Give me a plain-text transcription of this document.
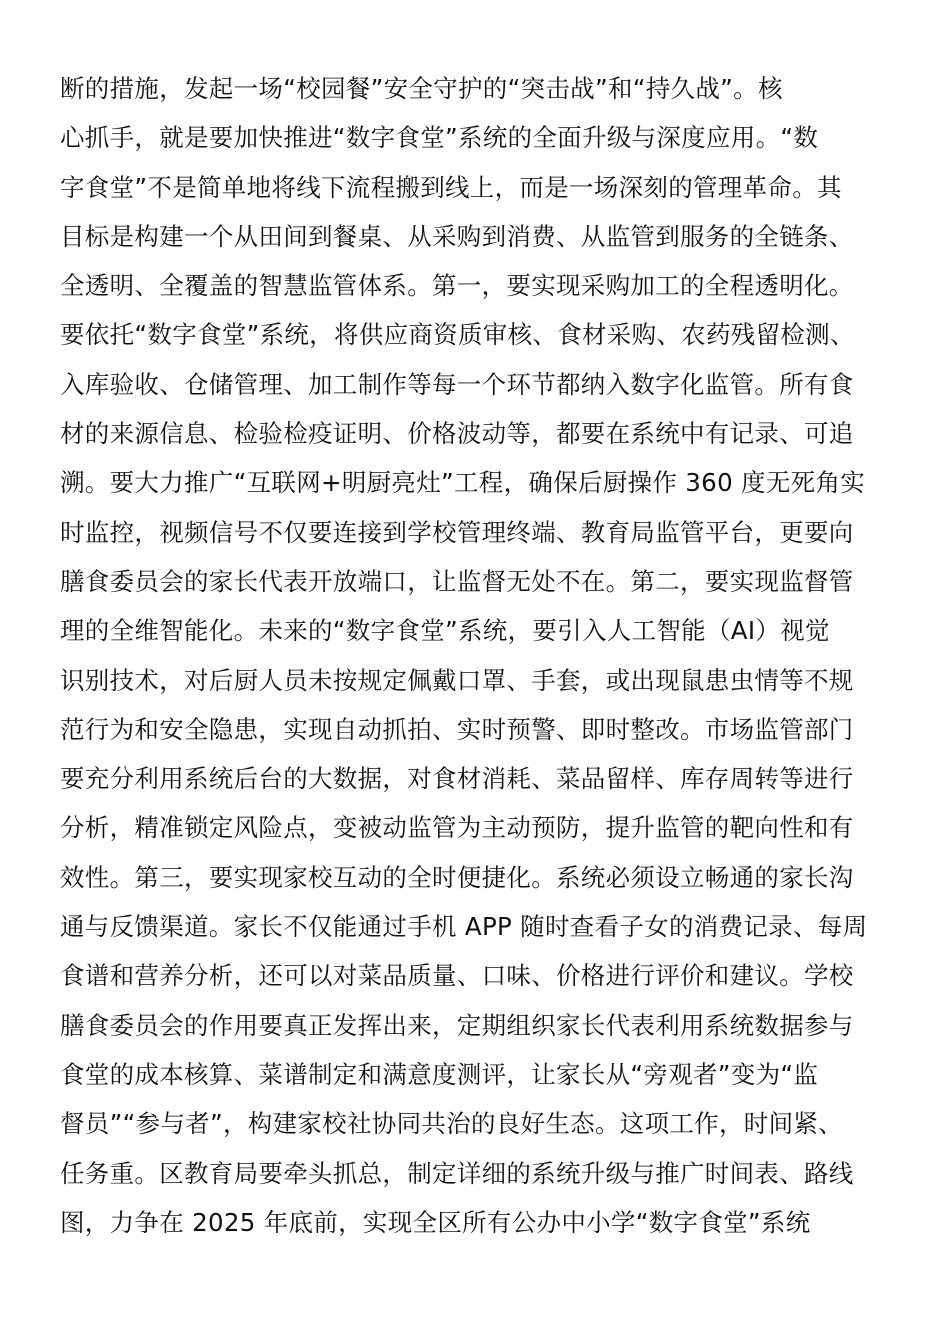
断的措施，发起一场“校园餐”安全守护的“突击战”和“持久战”。核
心抓手，就是要加快推进“数字食堂”系统的全面升级与深度应用。“数
字食堂”不是简单地将线下流程搬到线上，而是一场深刻的管理革命。其
目标是构建一个从田间到餐桌、从采购到消费、从监管到服务的全链条、
全透明、全覆盖的智慧监管体系。第一，要实现采购加工的全程透明化。
要依托“数字食堂”系统，将供应商资质审核、食材采购、农药残留检测、
入库验收、仓储管理、加工制作等每一个环节都纳入数字化监管。所有食
材的来源信息、检验检疫证明、价格波动等，都要在系统中有记录、可追
溯。要大力推广“互联网+明厨亮灶”工程，确保后厨操作 360 度无死角实
时监控，视频信号不仅要连接到学校管理终端、教育局监管平台，更要向
膳食委员会的家长代表开放端口，让监督无处不在。第二，要实现监督管
理的全维智能化。未来的“数字食堂”系统，要引入人工智能（AI）视觉
识别技术，对后厨人员未按规定佩戴口罩、手套，或出现鼠患虫情等不规
范行为和安全隐患，实现自动抓拍、实时预警、即时整改。市场监管部门
要充分利用系统后台的大数据，对食材消耗、菜品留样、库存周转等进行
分析，精准锁定风险点，变被动监管为主动预防，提升监管的靶向性和有
效性。第三，要实现家校互动的全时便捷化。系统必须设立畅通的家长沟
通与反馈渠道。家长不仅能通过手机 APP 随时查看子女的消费记录、每周
食谱和营养分析，还可以对菜品质量、口味、价格进行评价和建议。学校
膳食委员会的作用要真正发挥出来，定期组织家长代表利用系统数据参与
食堂的成本核算、菜谱制定和满意度测评，让家长从“旁观者”变为“监
督员”“参与者”，构建家校社协同共治的良好生态。这项工作，时间紧、
任务重。区教育局要牵头抓总，制定详细的系统升级与推广时间表、路线
图，力争在 2025 年底前，实现全区所有公办中小学“数字食堂”系统
